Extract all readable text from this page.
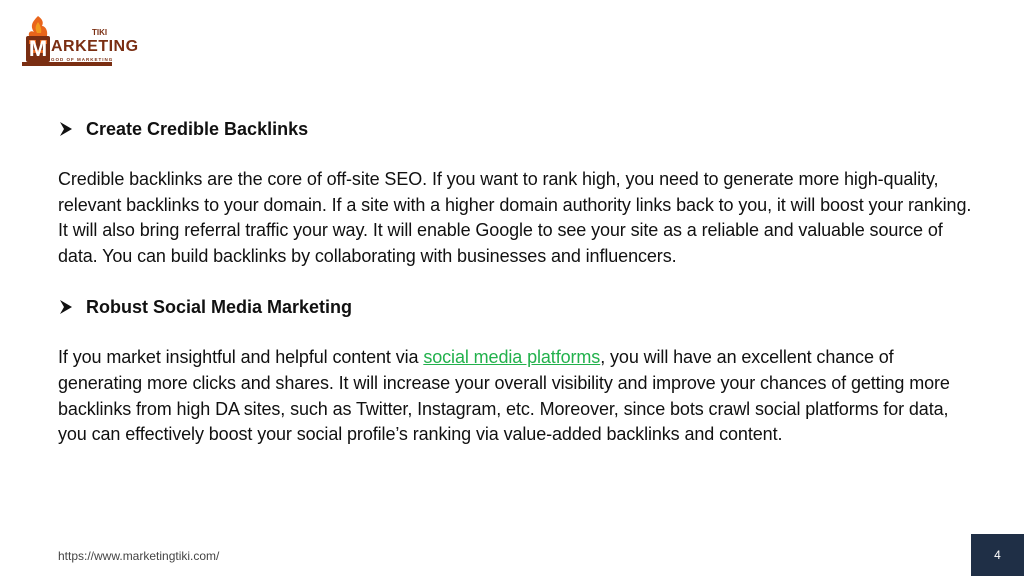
M
TIKI
ARKETING
GOD OF MARKETING
Create Credible Backlinks

Credible backlinks are the core of off-site SEO. If you want to rank high, you need to generate more high-quality, relevant backlinks to your domain. If a site with a higher domain authority links back to you, it will boost your ranking. It will also bring referral traffic your way. It will enable Google to see your site as a reliable and valuable source of data. You can build backlinks by collaborating with businesses and influencers.

Robust Social Media Marketing

If you market insightful and helpful content via social media platforms, you will have an excellent chance of generating more clicks and shares. It will increase your overall visibility and improve your chances of getting more backlinks from high DA sites, such as Twitter, Instagram, etc. Moreover, since bots crawl social platforms for data, you can effectively boost your social profile’s ranking via value-added backlinks and content.

https://www.marketingtiki.com/	4
